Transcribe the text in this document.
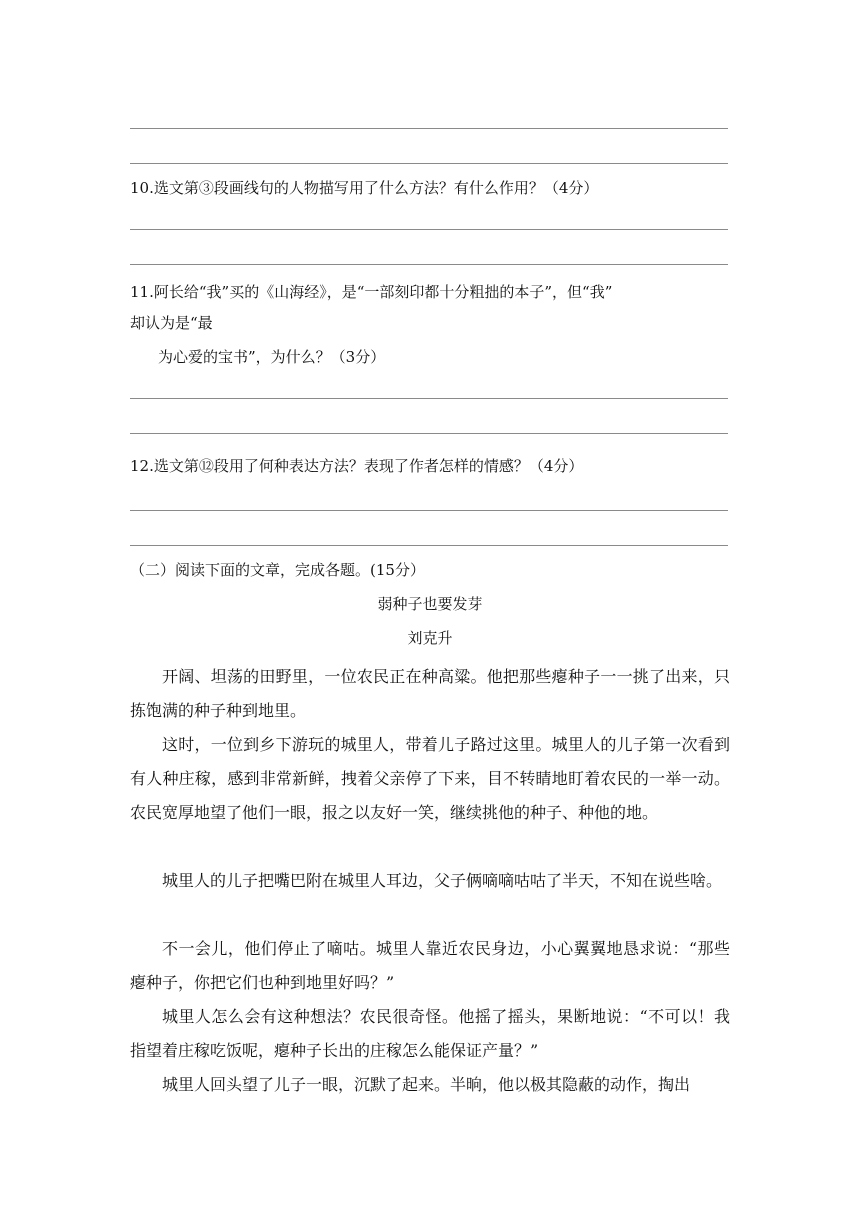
10.选文第③段画线句的人物描写用了什么方法？有什么作用？（4分）
11.阿长给“我”买的《山海经》，是“一部刻印都十分粗拙的本子”，但“我”
却认为是“最
为心爱的宝书”，为什么？（3分）
12.选文第⑫段用了何种表达方法？表现了作者怎样的情感？（4分）
（二）阅读下面的文章，完成各题。(15分）
弱种子也要发芽
刘克升

开阔、坦荡的田野里，一位农民正在种高粱。他把那些瘪种子一一挑了出来，只拣饱满的种子种到地里。

这时，一位到乡下游玩的城里人，带着儿子路过这里。城里人的儿子第一次看到有人种庄稼，感到非常新鲜，拽着父亲停了下来，目不转睛地盯着农民的一举一动。农民宽厚地望了他们一眼，报之以友好一笑，继续挑他的种子、种他的地。

城里人的儿子把嘴巴附在城里人耳边，父子俩嘀嘀咕咕了半天，不知在说些啥。

不一会儿，他们停止了嘀咕。城里人靠近农民身边，小心翼翼地恳求说：“那些瘪种子，你把它们也种到地里好吗？”

城里人怎么会有这种想法？农民很奇怪。他摇了摇头，果断地说：“不可以！我指望着庄稼吃饭呢，瘪种子长出的庄稼怎么能保证产量？”

城里人回头望了儿子一眼，沉默了起来。半晌，他以极其隐蔽的动作，掏出
